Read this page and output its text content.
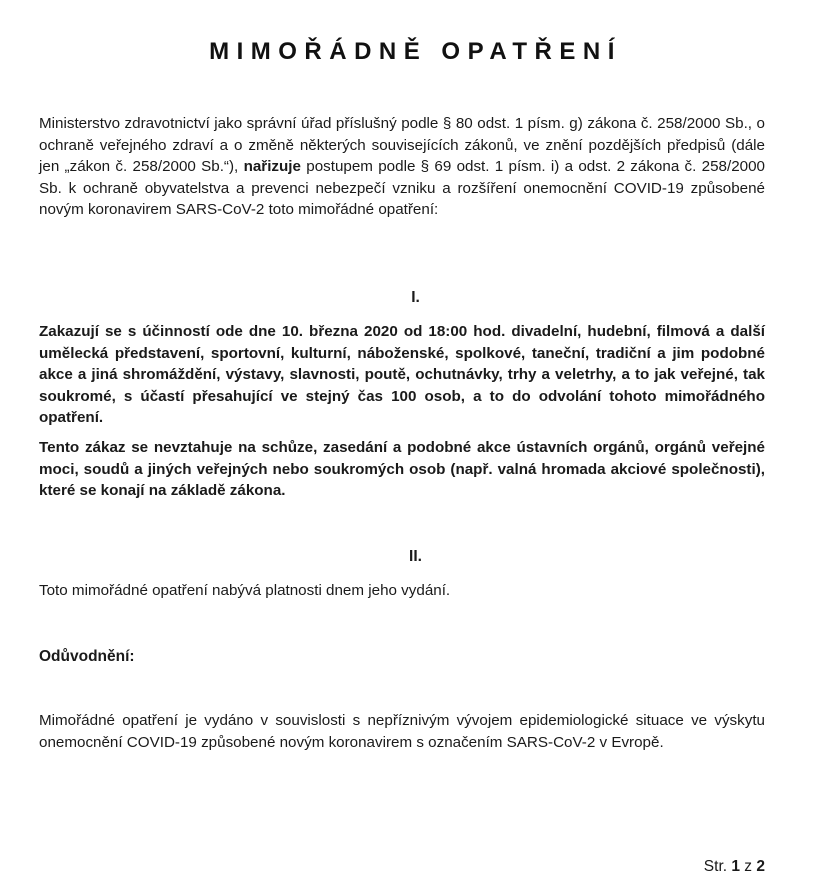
MIMOŘÁDNĚ OPATŘENÍ

Ministerstvo zdravotnictví jako správní úřad příslušný podle § 80 odst. 1 písm. g) zákona č. 258/2000 Sb., o ochraně veřejného zdraví a o změně některých souvisejících zákonů, ve znění pozdějších předpisů (dále jen „zákon č. 258/2000 Sb.“), nařizuje postupem podle § 69 odst. 1 písm. i) a odst. 2 zákona č. 258/2000 Sb. k ochraně obyvatelstva a prevenci nebezpečí vzniku a rozšíření onemocnění COVID-19 způsobené novým koronavirem SARS-CoV-2 toto mimořádné opatření:

I.

Zakazují se s účinností ode dne 10. března 2020 od 18:00 hod. divadelní, hudební, filmová a další umělecká představení, sportovní, kulturní, náboženské, spolkové, taneční, tradiční a jim podobné akce a jiná shromáždění, výstavy, slavnosti, poutě, ochutnávky, trhy a veletrhy, a to jak veřejné, tak soukromé, s účastí přesahující ve stejný čas 100 osob, a to do odvolání tohoto mimořádného opatření.

Tento zákaz se nevztahuje na schůze, zasedání a podobné akce ústavních orgánů, orgánů veřejné moci, soudů a jiných veřejných nebo soukromých osob (např. valná hromada akciové společnosti), které se konají na základě zákona.

II.

Toto mimořádné opatření nabývá platnosti dnem jeho vydání.

Odůvodnění:

Mimořádné opatření je vydáno v souvislosti s nepříznivým vývojem epidemiologické situace ve výskytu onemocnění COVID-19 způsobené novým koronavirem s označením SARS-CoV-2 v Evropě.

Str. 1 z 2
